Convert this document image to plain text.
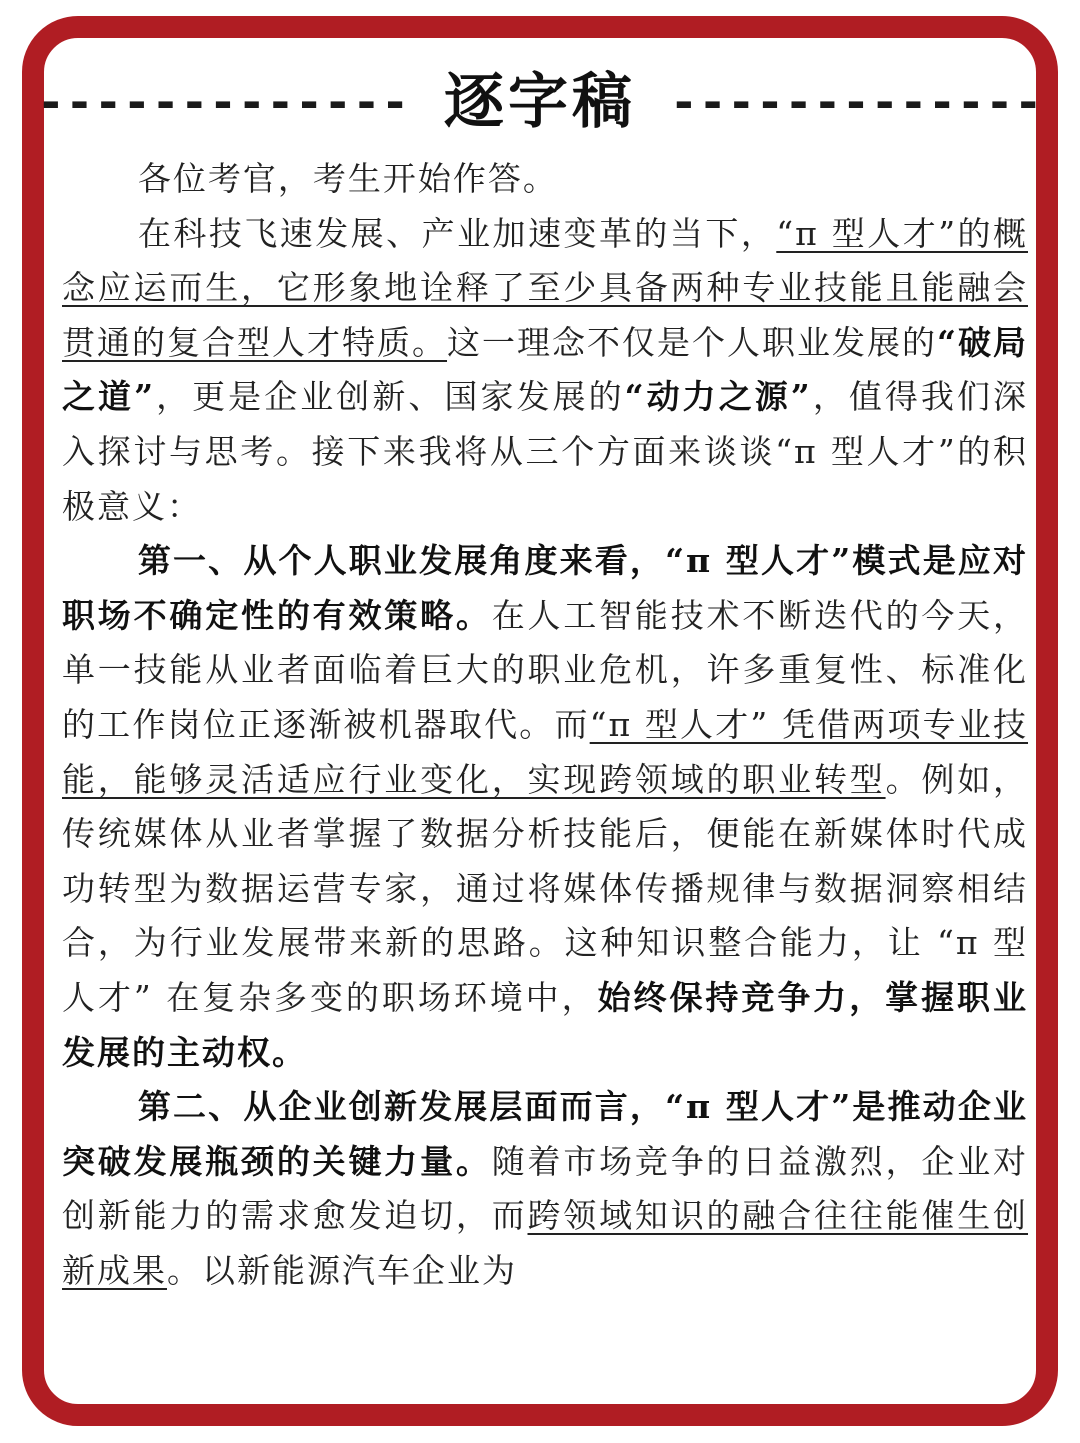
------------- 逐字稿 -------------

各位考官，考生开始作答。

在科技飞速发展、产业加速变革的当下，“π 型人才”的概念应运而生，它形象地诠释了至少具备两种专业技能且能融会贯通的复合型人才特质。这一理念不仅是个人职业发展的“破局之道”，更是企业创新、国家发展的“动力之源”，值得我们深入探讨与思考。接下来我将从三个方面来谈谈“π 型人才”的积极意义：

第一、从个人职业发展角度来看，“π 型人才”模式是应对职场不确定性的有效策略。在人工智能技术不断迭代的今天，单一技能从业者面临着巨大的职业危机，许多重复性、标准化的工作岗位正逐渐被机器取代。而“π 型人才” 凭借两项专业技能，能够灵活适应行业变化，实现跨领域的职业转型。例如，传统媒体从业者掌握了数据分析技能后，便能在新媒体时代成功转型为数据运营专家，通过将媒体传播规律与数据洞察相结合，为行业发展带来新的思路。这种知识整合能力，让 “π 型人才” 在复杂多变的职场环境中，始终保持竞争力，掌握职业发展的主动权。

第二、从企业创新发展层面而言，“π 型人才”是推动企业突破发展瓶颈的关键力量。随着市场竞争的日益激烈，企业对创新能力的需求愈发迫切，而跨领域知识的融合往往能催生创新成果。以新能源汽车企业为
